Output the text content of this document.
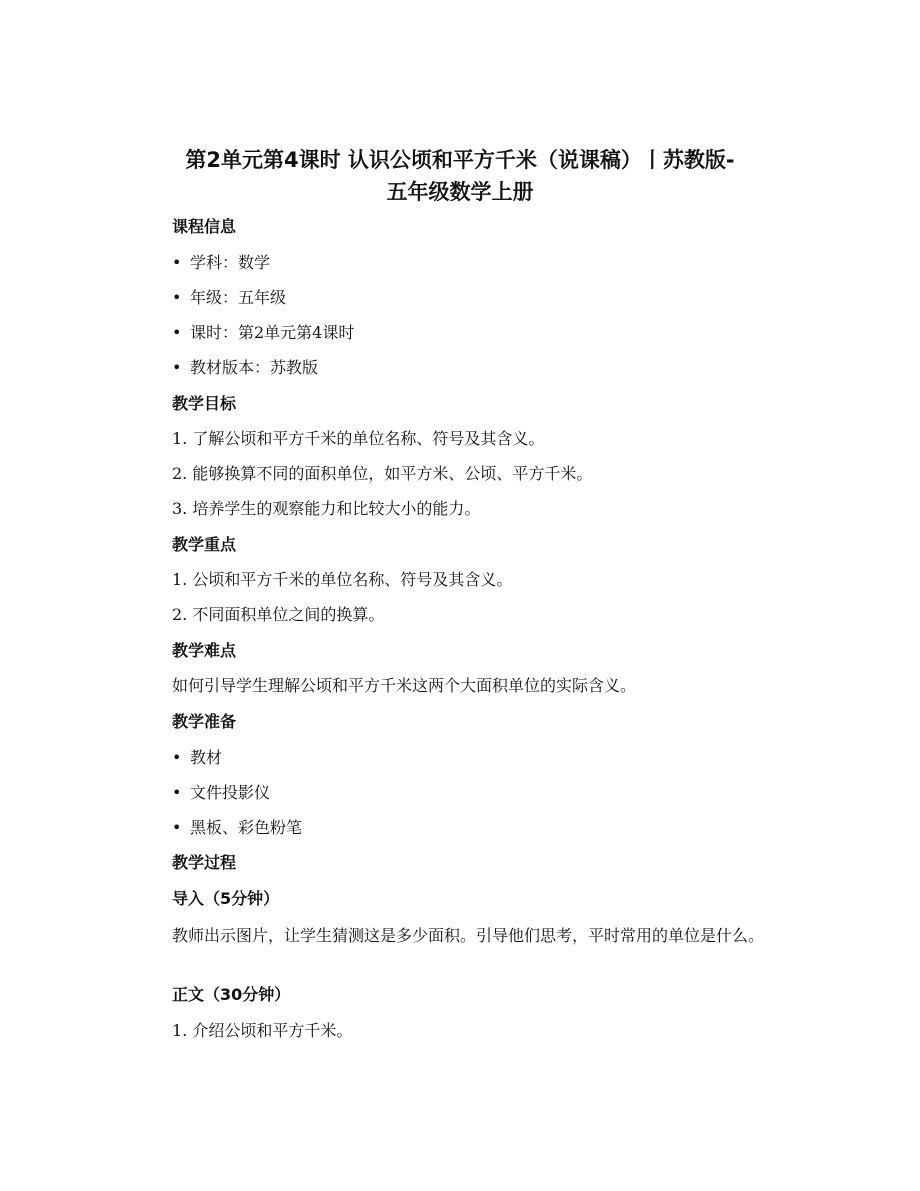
第2单元第4课时 认识公顷和平方千米（说课稿）丨苏教版-
五年级数学上册
课程信息
• 学科：数学
• 年级：五年级
• 课时：第2单元第4课时
• 教材版本：苏教版
教学目标
1. 了解公顷和平方千米的单位名称、符号及其含义。
2. 能够换算不同的面积单位，如平方米、公顷、平方千米。
3. 培养学生的观察能力和比较大小的能力。
教学重点
1. 公顷和平方千米的单位名称、符号及其含义。
2. 不同面积单位之间的换算。
教学难点
如何引导学生理解公顷和平方千米这两个大面积单位的实际含义。
教学准备
• 教材
• 文件投影仪
• 黑板、彩色粉笔
教学过程
导入（5分钟）
教师出示图片，让学生猜测这是多少面积。引导他们思考，平时常用的单位是什么。
正文（30分钟）
1. 介绍公顷和平方千米。
